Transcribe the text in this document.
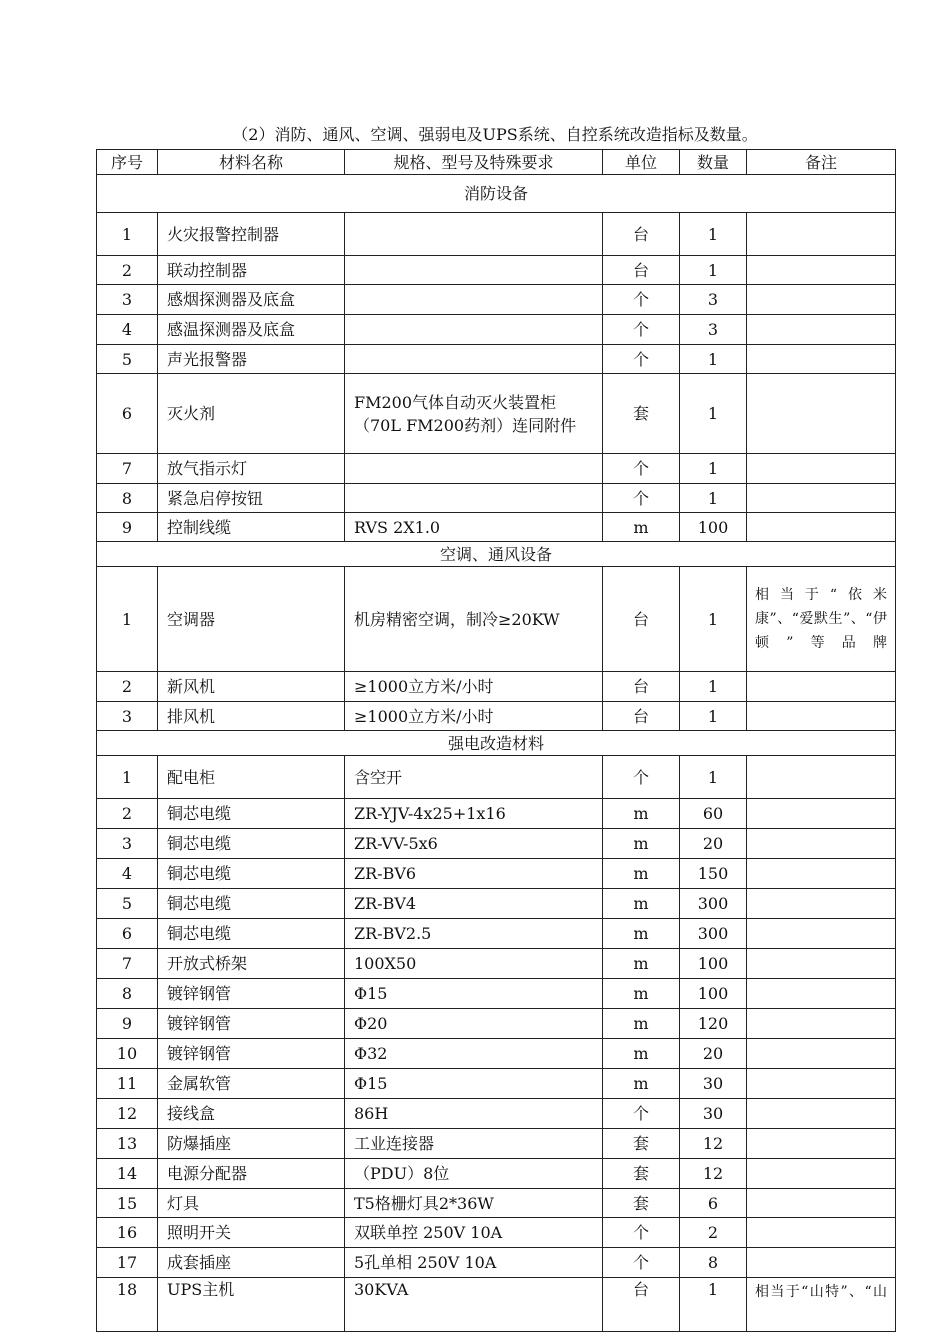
（2）消防、通风、空调、强弱电及UPS系统、自控系统改造指标及数量。
序号	材料名称	规格、型号及特殊要求	单位	数量	备注
消防设备					
1	火灾报警控制器		台	1	
2	联动控制器		台	1	
3	感烟探测器及底盒		个	3	
4	感温探测器及底盒		个	3	
5	声光报警器		个	1	
6	灭火剂	FM200气体自动灭火装置柜（70L FM200药剂）连同附件	套	1	
7	放气指示灯		个	1	
8	紧急启停按钮		个	1	
9	控制线缆	RVS 2X1.0	m	100	
空调、通风设备					
1	空调器	机房精密空调，制冷≥20KW	台	1	相当于“依米康”、“爱默生”、“伊顿”等品牌
2	新风机	≥1000立方米/小时	台	1	
3	排风机	≥1000立方米/小时	台	1	
强电改造材料					
1	配电柜	含空开	个	1	
2	铜芯电缆	ZR-YJV-4x25+1x16	m	60	
3	铜芯电缆	ZR-VV-5x6	m	20	
4	铜芯电缆	ZR-BV6	m	150	
5	铜芯电缆	ZR-BV4	m	300	
6	铜芯电缆	ZR-BV2.5	m	300	
7	开放式桥架	100X50	m	100	
8	镀锌钢管	Φ15	m	100	
9	镀锌钢管	Φ20	m	120	
10	镀锌钢管	Φ32	m	20	
11	金属软管	Φ15	m	30	
12	接线盒	86H	个	30	
13	防爆插座	工业连接器	套	12	
14	电源分配器	（PDU）8位	套	12	
15	灯具	T5格栅灯具2*36W	套	6	
16	照明开关	双联单控 250V 10A	个	2	
17	成套插座	5孔单相 250V 10A	个	8	
18	UPS主机	30KVA	台	1	相当于“山特”、“山
